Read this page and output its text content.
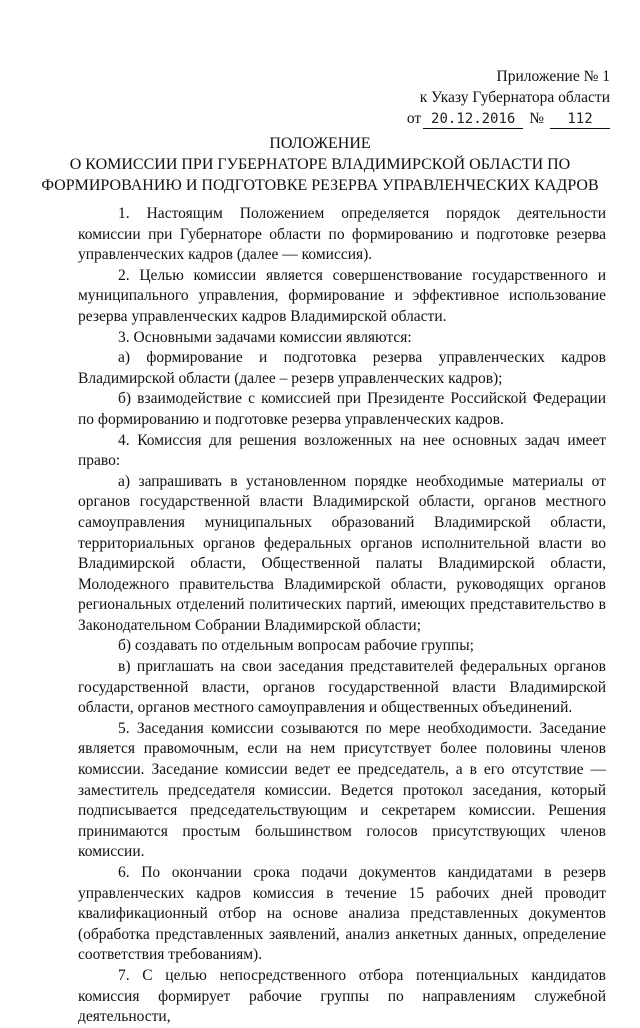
Приложение № 1
к Указу Губернатора области
от 20.12.2016 №	112
ПОЛОЖЕНИЕ
О КОМИССИИ ПРИ ГУБЕРНАТОРЕ ВЛАДИМИРСКОЙ ОБЛАСТИ ПО
ФОРМИРОВАНИЮ И ПОДГОТОВКЕ РЕЗЕРВА УПРАВЛЕНЧЕСКИХ КАДРОВ

1. Настоящим Положением определяется порядок деятельности комиссии при Губернаторе области по формированию и подготовке резерва управленческих кадров (далее — комиссия).

2. Целью комиссии является совершенствование государственного и муниципального управления, формирование и эффективное использование резерва управленческих кадров Владимирской области.

3. Основными задачами комиссии являются:

а) формирование и подготовка резерва управленческих кадров Владимирской области (далее – резерв управленческих кадров);

б) взаимодействие с комиссией при Президенте Российской Федерации по формированию и подготовке резерва управленческих кадров.

4. Комиссия для решения возложенных на нее основных задач имеет право:

а) запрашивать в установленном порядке необходимые материалы от органов государственной власти Владимирской области, органов местного самоуправления муниципальных образований Владимирской области, территориальных органов федеральных органов исполнительной власти во Владимирской области, Общественной палаты Владимирской области, Молодежного правительства Владимирской области, руководящих органов региональных отделений политических партий, имеющих представительство в Законодательном Собрании Владимирской области;

б) создавать по отдельным вопросам рабочие группы;

в) приглашать на свои заседания представителей федеральных органов государственной власти, органов государственной власти Владимирской области, органов местного самоуправления и общественных объединений.

5. Заседания комиссии созываются по мере необходимости. Заседание является правомочным, если на нем присутствует более половины членов комиссии. Заседание комиссии ведет ее председатель, а в его отсутствие — заместитель председателя комиссии. Ведется протокол заседания, который подписывается председательствующим и секретарем комиссии. Решения принимаются простым большинством голосов присутствующих членов комиссии.

6. По окончании срока подачи документов кандидатами в резерв управленческих кадров комиссия в течение 15 рабочих дней проводит квалификационный отбор на основе анализа представленных документов (обработка представленных заявлений, анализ анкетных данных, определение соответствия требованиям).

7. С целью непосредственного отбора потенциальных кандидатов комиссия формирует рабочие группы по направлениям служебной деятельности,
